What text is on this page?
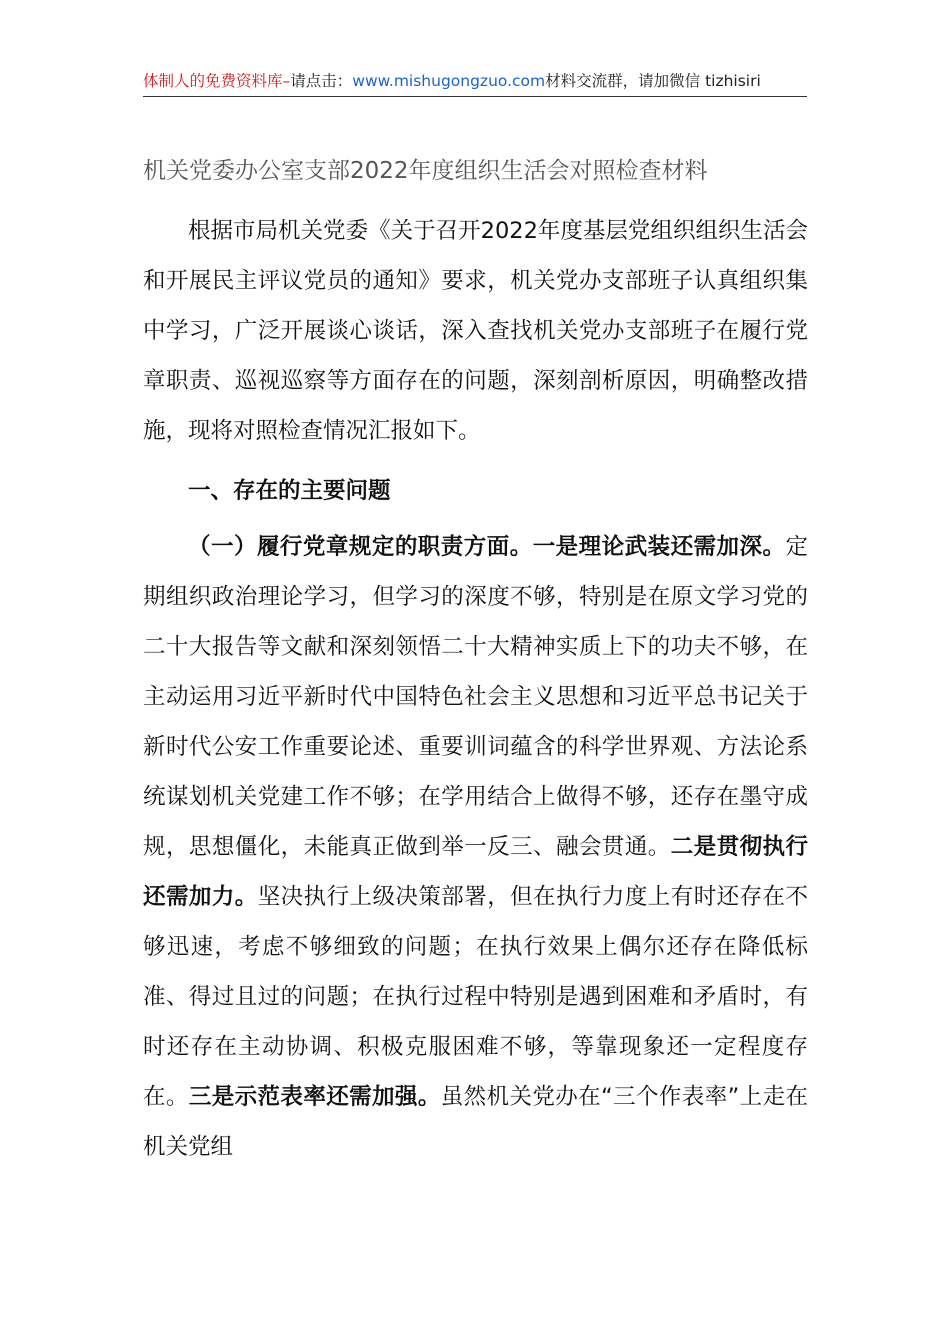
体制人的免费资料库–请点击：www.mishugongzuo.com材料交流群，请加微信 tizhisiri
机关党委办公室支部2022年度组织生活会对照检查材料

根据市局机关党委《关于召开2022年度基层党组织组织生活会和开展民主评议党员的通知》要求，机关党办支部班子认真组织集中学习，广泛开展谈心谈话，深入查找机关党办支部班子在履行党章职责、巡视巡察等方面存在的问题，深刻剖析原因，明确整改措施，现将对照检查情况汇报如下。

一、存在的主要问题

（一）履行党章规定的职责方面。一是理论武装还需加深。定期组织政治理论学习，但学习的深度不够，特别是在原文学习党的二十大报告等文献和深刻领悟二十大精神实质上下的功夫不够，在主动运用习近平新时代中国特色社会主义思想和习近平总书记关于新时代公安工作重要论述、重要训词蕴含的科学世界观、方法论系统谋划机关党建工作不够；在学用结合上做得不够，还存在墨守成规，思想僵化，未能真正做到举一反三、融会贯通。二是贯彻执行还需加力。坚决执行上级决策部署，但在执行力度上有时还存在不够迅速，考虑不够细致的问题；在执行效果上偶尔还存在降低标准、得过且过的问题；在执行过程中特别是遇到困难和矛盾时，有时还存在主动协调、积极克服困难不够，等靠现象还一定程度存在。三是示范表率还需加强。虽然机关党办在“三个作表率”上走在机关党组
